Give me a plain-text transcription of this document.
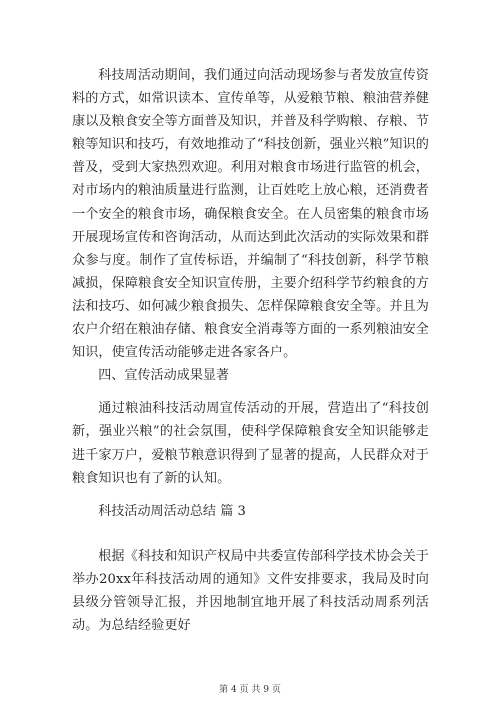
科技周活动期间，我们通过向活动现场参与者发放宣传资料的方式，如常识读本、宣传单等，从爱粮节粮、粮油营养健康以及粮食安全等方面普及知识，并普及科学购粮、存粮、节粮等知识和技巧，有效地推动了“科技创新，强业兴粮”知识的普及，受到大家热烈欢迎。利用对粮食市场进行监管的机会，对市场内的粮油质量进行监测，让百姓吃上放心粮，还消费者一个安全的粮食市场，确保粮食安全。在人员密集的粮食市场开展现场宣传和咨询活动，从而达到此次活动的实际效果和群众参与度。制作了宣传标语，并编制了“科技创新，科学节粮减损，保障粮食安全知识宣传册，主要介绍科学节约粮食的方法和技巧、如何减少粮食损失、怎样保障粮食安全等。并且为农户介绍在粮油存储、粮食安全消毒等方面的一系列粮油安全知识，使宣传活动能够走进各家各户。

四、宣传活动成果显著

通过粮油科技活动周宣传活动的开展，营造出了“科技创新，强业兴粮”的社会氛围，使科学保障粮食安全知识能够走进千家万户，爱粮节粮意识得到了显著的提高，人民群众对于粮食知识也有了新的认知。

科技活动周活动总结 篇 3

根据《科技和知识产权局中共委宣传部科学技术协会关于举办20xx年科技活动周的通知》文件安排要求，我局及时向县级分管领导汇报，并因地制宜地开展了科技活动周系列活动。为总结经验更好

第 4 页 共 9 页
